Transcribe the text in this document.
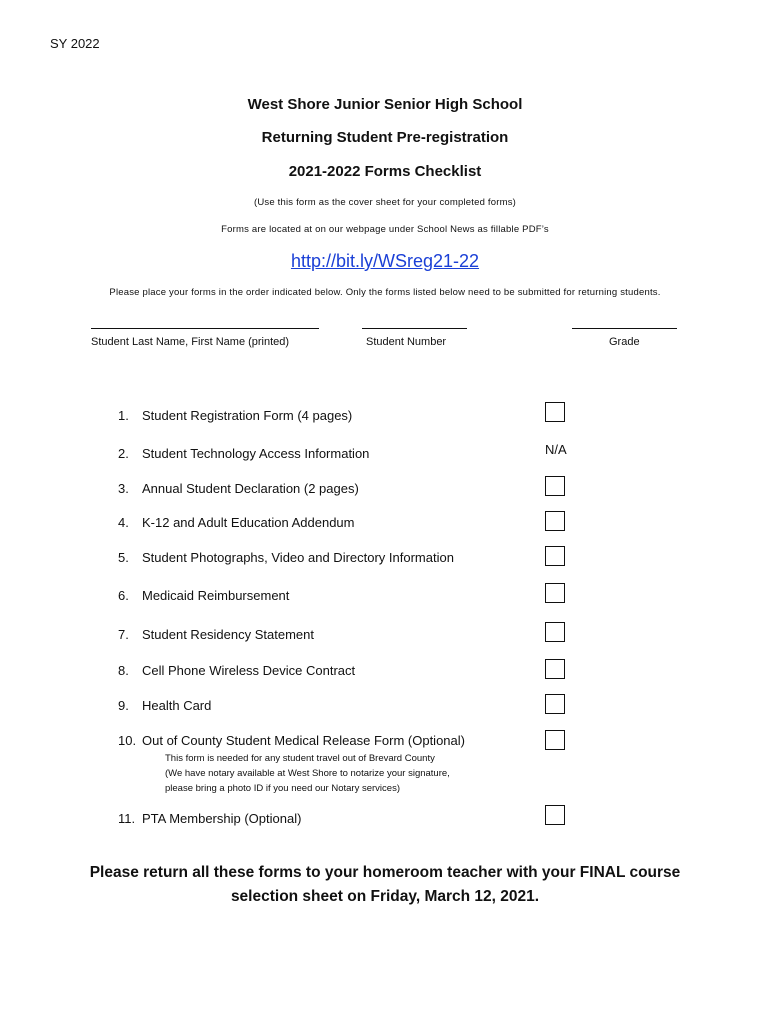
SY 2022
West Shore Junior Senior High School
Returning Student Pre-registration
2021-2022 Forms Checklist
(Use this form as the cover sheet for your completed forms)
Forms are located at on our webpage under School News as fillable PDF’s
http://bit.ly/WSreg21-22
Please place your forms in the order indicated below. Only the forms listed below need to be submitted for returning students.
Student Last Name, First Name (printed)	Student Number	Grade
1. Student Registration Form (4 pages)
2. Student Technology Access Information	N/A
3. Annual Student Declaration (2 pages)
4. K-12 and Adult Education Addendum
5. Student Photographs, Video and Directory Information
6. Medicaid Reimbursement
7. Student Residency Statement
8. Cell Phone Wireless Device Contract
9. Health Card
10. Out of County Student Medical Release Form (Optional)
This form is needed for any student travel out of Brevard County
(We have notary available at West Shore to notarize your signature,
please bring a photo ID if you need our Notary services)
11. PTA Membership (Optional)
Please return all these forms to your homeroom teacher with your FINAL course
selection sheet on Friday, March 12, 2021.
